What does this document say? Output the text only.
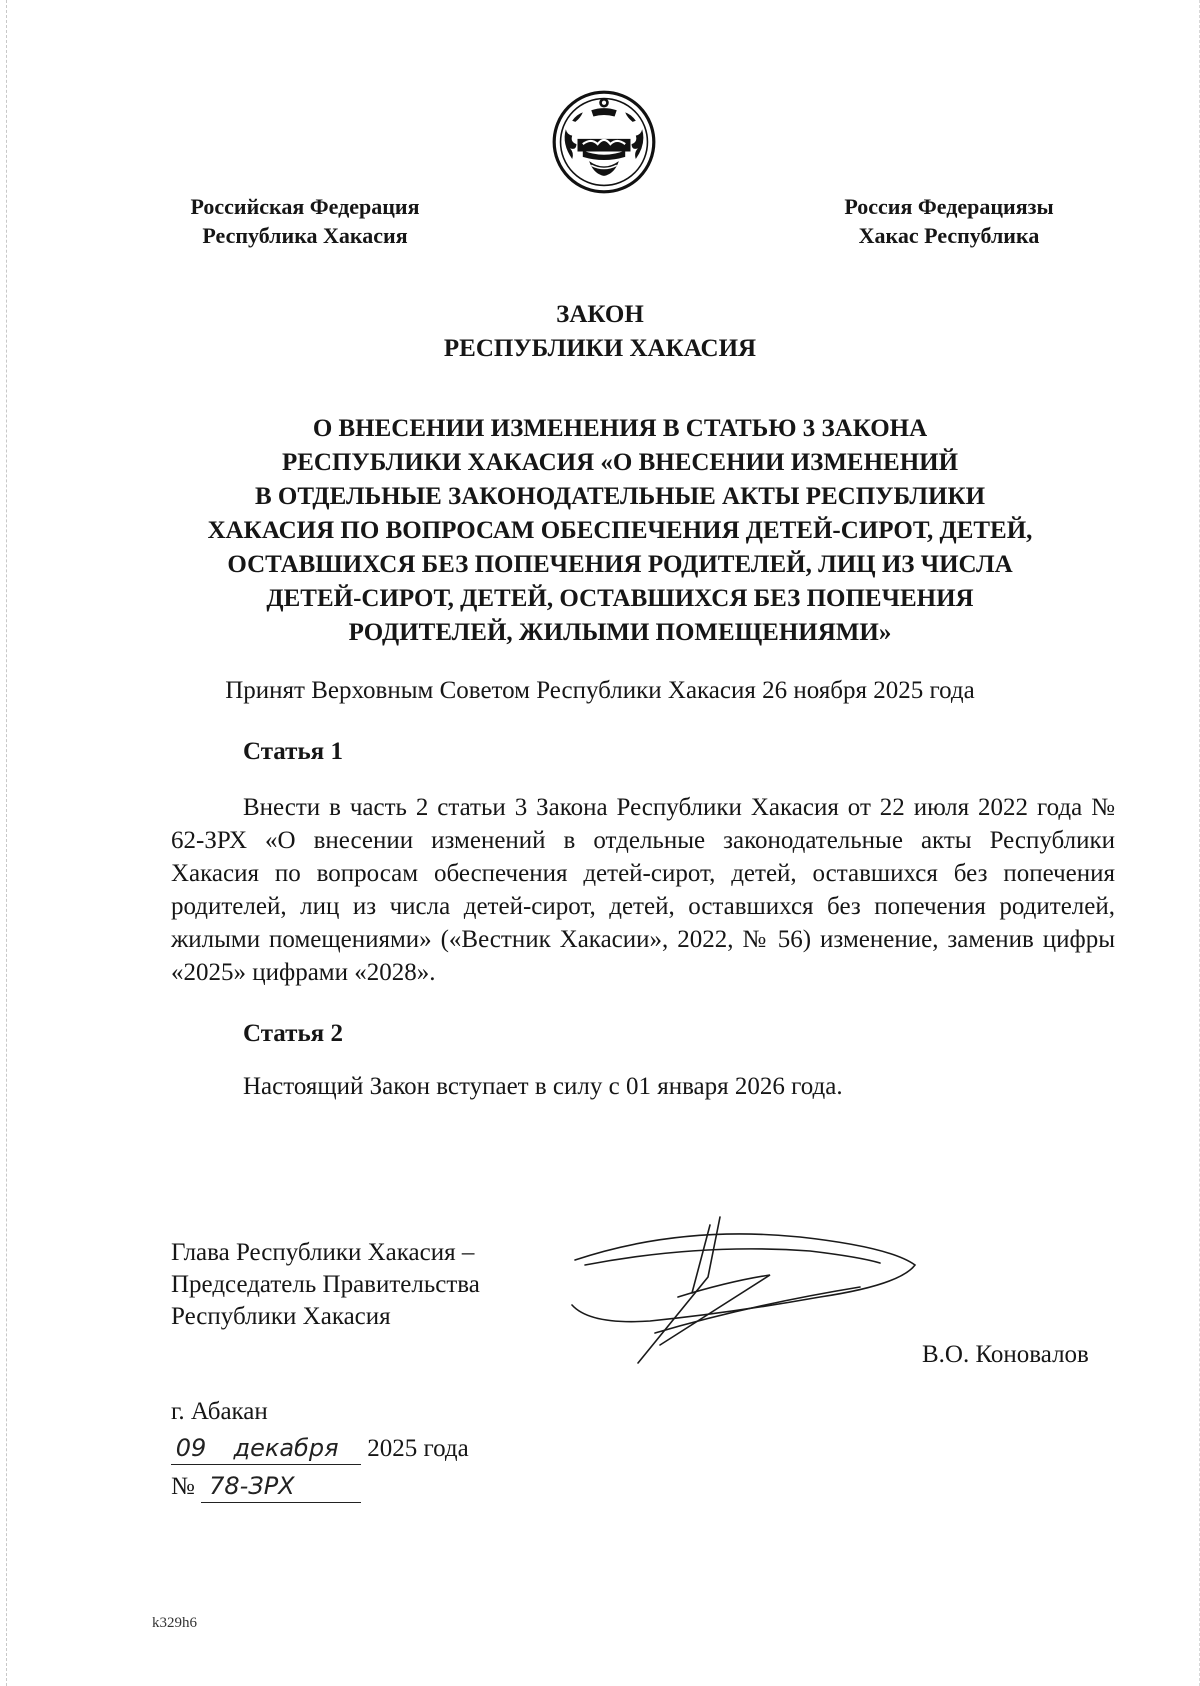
Российская Федерация
Республика Хакасия
Россия Федерациязы
Хакас Республика
ЗАКОН
РЕСПУБЛИКИ ХАКАСИЯ
О ВНЕСЕНИИ ИЗМЕНЕНИЯ В СТАТЬЮ 3 ЗАКОНА
РЕСПУБЛИКИ ХАКАСИЯ «О ВНЕСЕНИИ ИЗМЕНЕНИЙ
В ОТДЕЛЬНЫЕ ЗАКОНОДАТЕЛЬНЫЕ АКТЫ РЕСПУБЛИКИ
ХАКАСИЯ ПО ВОПРОСАМ ОБЕСПЕЧЕНИЯ ДЕТЕЙ-СИРОТ, ДЕТЕЙ,
ОСТАВШИХСЯ БЕЗ ПОПЕЧЕНИЯ РОДИТЕЛЕЙ, ЛИЦ ИЗ ЧИСЛА
ДЕТЕЙ-СИРОТ, ДЕТЕЙ, ОСТАВШИХСЯ БЕЗ ПОПЕЧЕНИЯ
РОДИТЕЛЕЙ, ЖИЛЫМИ ПОМЕЩЕНИЯМИ»
Принят Верховным Советом Республики Хакасия 26 ноября 2025 года
Статья 1
Внести в часть 2 статьи 3 Закона Республики Хакасия от 22 июля 2022 года № 62-ЗРХ «О внесении изменений в отдельные законодательные акты Республики Хакасия по вопросам обеспечения детей-сирот, детей, оставшихся без попечения родителей, лиц из числа детей-сирот, детей, оставшихся без попечения родителей, жилыми помещениями» («Вестник Хакасии», 2022, № 56) изменение, заменив цифры «2025» цифрами «2028».
Статья 2
Настоящий Закон вступает в силу с 01 января 2026 года.
Глава Республики Хакасия –
Председатель Правительства
Республики Хакасия
В.О. Коновалов
г. Абакан
09 декабря 2025 года
№ 78-ЗРХ
k329h6
